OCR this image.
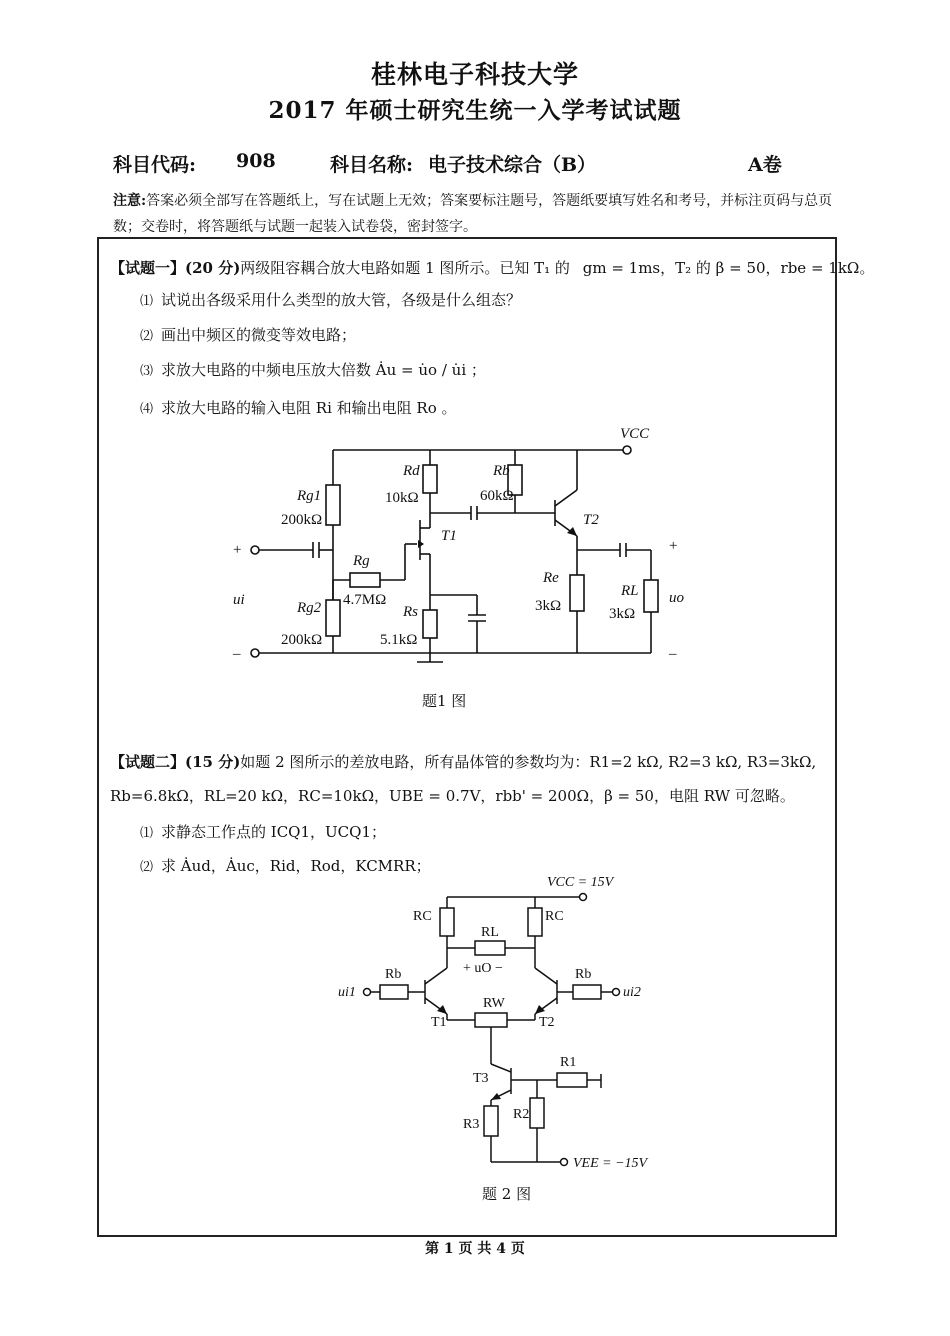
桂林电子科技大学
2017 年硕士研究生统一入学考试试题
科目代码: 908	科目名称: 电子技术综合（B）	A卷
注意:答案必须全部写在答题纸上，写在试题上无效；答案要标注题号，答题纸要填写姓名和考号，并标注页码与总页数；交卷时，将答题纸与试题一起装入试卷袋，密封签字。
【试题一】(20 分)两级阻容耦合放大电路如题 1 图所示。已知 T₁ 的 gm = 1ms，T₂ 的 β = 50，rbe = 1kΩ。
⑴ 试说出各级采用什么类型的放大管，各级是什么组态？
⑵ 画出中频区的微变等效电路；
⑶ 求放大电路的中频电压放大倍数 Ȧu = u̇o / u̇i ；
⑷ 求放大电路的输入电阻 Ri 和输出电阻 Ro 。
VCC
Rg1
200kΩ
Rg
4.7MΩ
Rg2
200kΩ
Rd
10kΩ
Rs
5.1kΩ
Rb
60kΩ
T1
T2
Re
3kΩ
RL
3kΩ
ui	uo
+	+
–	–
题1 图
【试题二】(15 分)如题 2 图所示的差放电路，所有晶体管的参数均为：R1=2 kΩ, R2=3 kΩ, R3=3kΩ,
Rb=6.8kΩ，RL=20 kΩ，RC=10kΩ，UBE = 0.7V，rbb' = 200Ω，β = 50，电阻 RW 可忽略。
⑴ 求静态工作点的 ICQ1，UCQ1；
⑵ 求 Ȧud，Ȧuc，Rid，Rod，KCMRR；
VCC = 15V
RC	RC
RL
+ uO −
Rb	Rb
ui1	ui2
RW
T1	T2
T3
R1
R2
R3
VEE = −15V
题 2 图
第 1 页 共 4 页
